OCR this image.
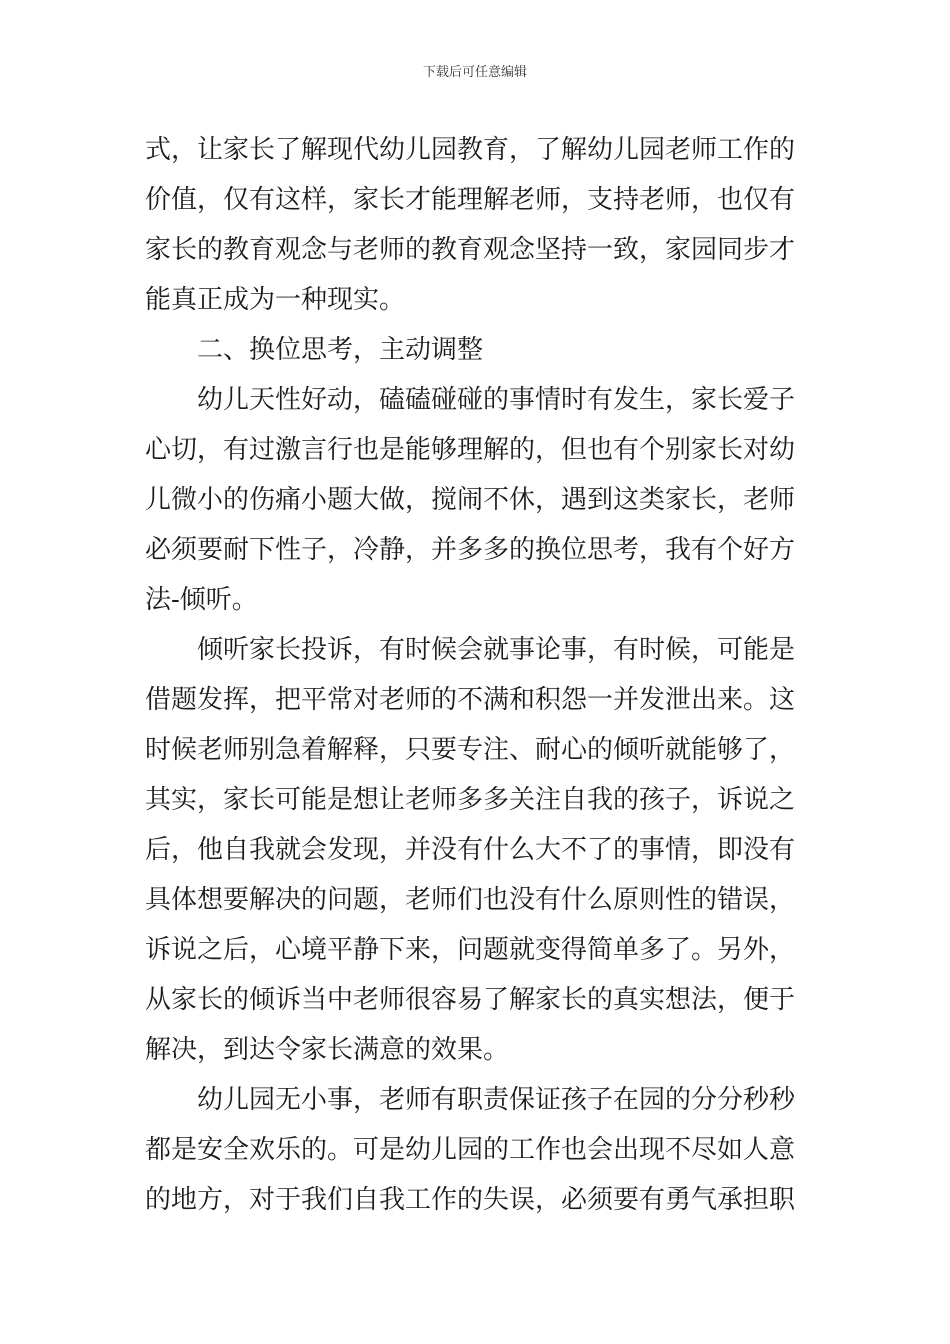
下载后可任意编辑
式，让家长了解现代幼儿园教育，了解幼儿园老师工作的
价值，仅有这样，家长才能理解老师，支持老师，也仅有
家长的教育观念与老师的教育观念坚持一致，家园同步才
能真正成为一种现实。
二、换位思考，主动调整
幼儿天性好动，磕磕碰碰的事情时有发生，家长爱子
心切，有过激言行也是能够理解的，但也有个别家长对幼
儿微小的伤痛小题大做，搅闹不休，遇到这类家长，老师
必须要耐下性子，冷静，并多多的换位思考，我有个好方
法-倾听。
倾听家长投诉，有时候会就事论事，有时候，可能是
借题发挥，把平常对老师的不满和积怨一并发泄出来。这
时候老师别急着解释，只要专注、耐心的倾听就能够了，
其实，家长可能是想让老师多多关注自我的孩子，诉说之
后，他自我就会发现，并没有什么大不了的事情，即没有
具体想要解决的问题，老师们也没有什么原则性的错误，
诉说之后，心境平静下来，问题就变得简单多了。另外，
从家长的倾诉当中老师很容易了解家长的真实想法，便于
解决，到达令家长满意的效果。
幼儿园无小事，老师有职责保证孩子在园的分分秒秒
都是安全欢乐的。可是幼儿园的工作也会出现不尽如人意
的地方，对于我们自我工作的失误，必须要有勇气承担职
